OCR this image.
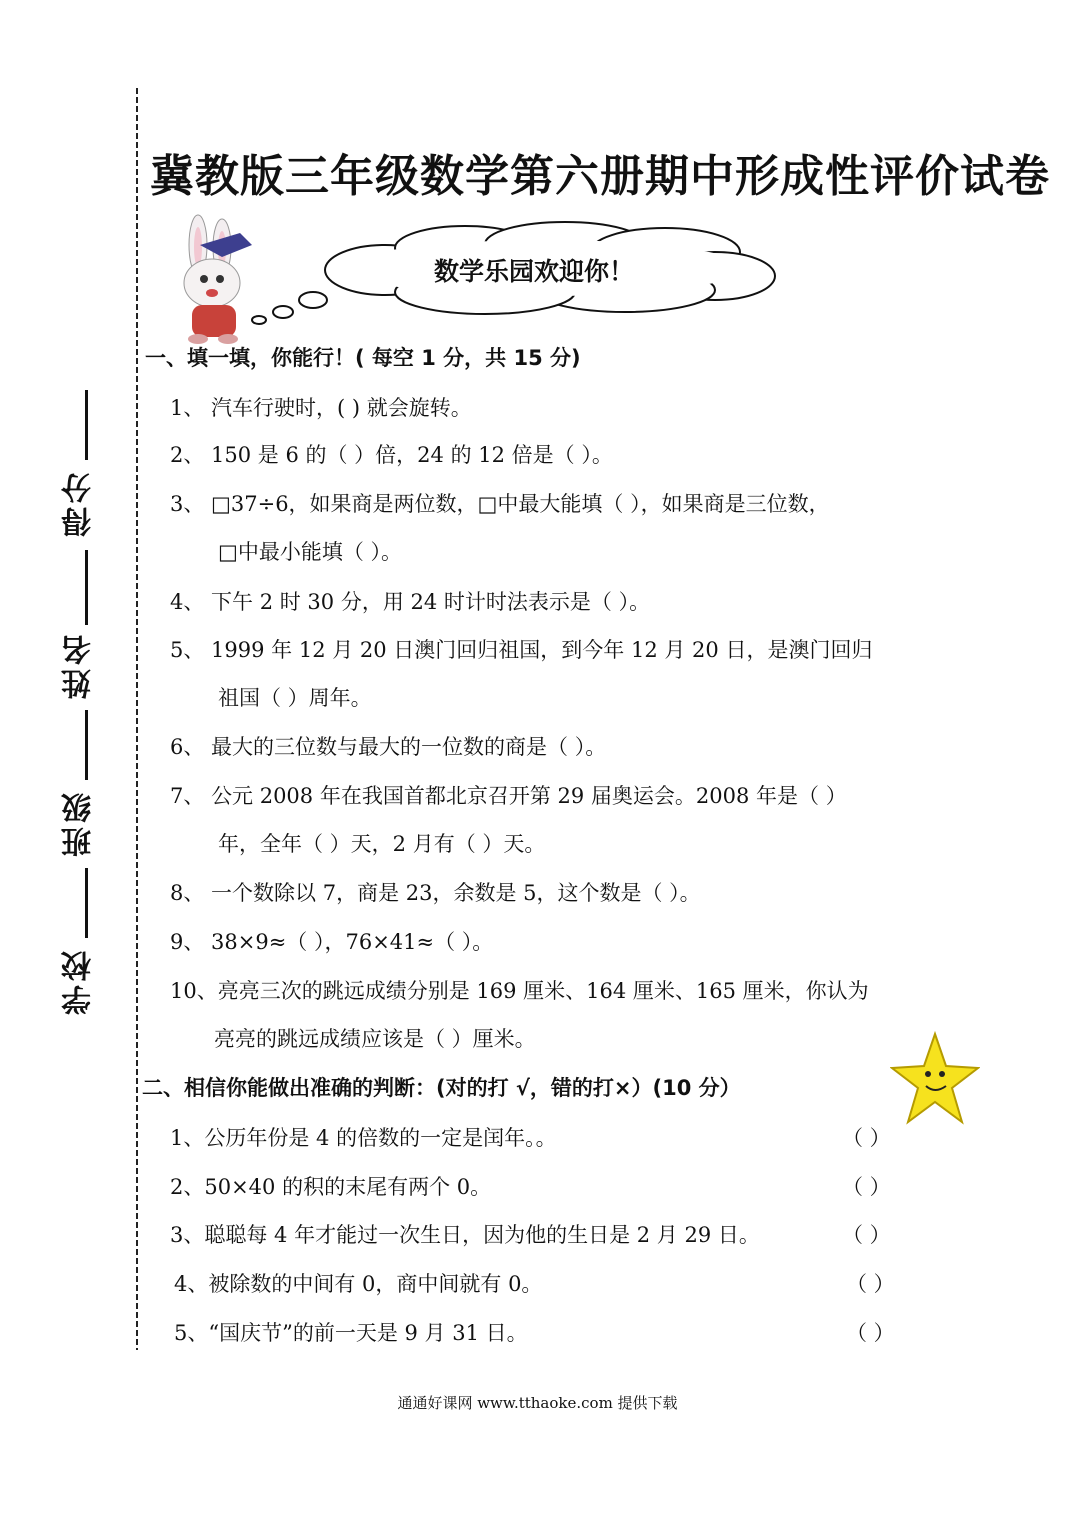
得分
姓名
班级
学校
冀教版三年级数学第六册期中形成性评价试卷
数学乐园欢迎你！
一、填一填，你能行！( 每空 1 分，共 15 分)
1、 汽车行驶时，( ) 就会旋转。
2、 150 是 6 的（ ）倍，24 的 12 倍是（ ）。
3、 □37÷6，如果商是两位数，□中最大能填（ ），如果商是三位数，
□中最小能填（ ）。
4、 下午 2 时 30 分，用 24 时计时法表示是（ ）。
5、 1999 年 12 月 20 日澳门回归祖国，到今年 12 月 20 日，是澳门回归
祖国（ ）周年。
6、 最大的三位数与最大的一位数的商是（ ）。
7、 公元 2008 年在我国首都北京召开第 29 届奥运会。2008 年是（ ）
年，全年（ ）天，2 月有（ ）天。
8、 一个数除以 7，商是 23，余数是 5，这个数是（ ）。
9、 38×9≈（ ），76×41≈（ ）。
10、亮亮三次的跳远成绩分别是 169 厘米、164 厘米、165 厘米，你认为
亮亮的跳远成绩应该是（ ）厘米。
二、相信你能做出准确的判断：(对的打 √，错的打×）(10 分）
1、公历年份是 4 的倍数的一定是闰年。。	（ ）
2、50×40 的积的末尾有两个 0。	（ ）
3、聪聪每 4 年才能过一次生日，因为他的生日是 2 月 29 日。	（ ）
4、被除数的中间有 0，商中间就有 0。	（ ）
5、“国庆节”的前一天是 9 月 31 日。	（ ）
通通好课网 www.tthaoke.com 提供下载
